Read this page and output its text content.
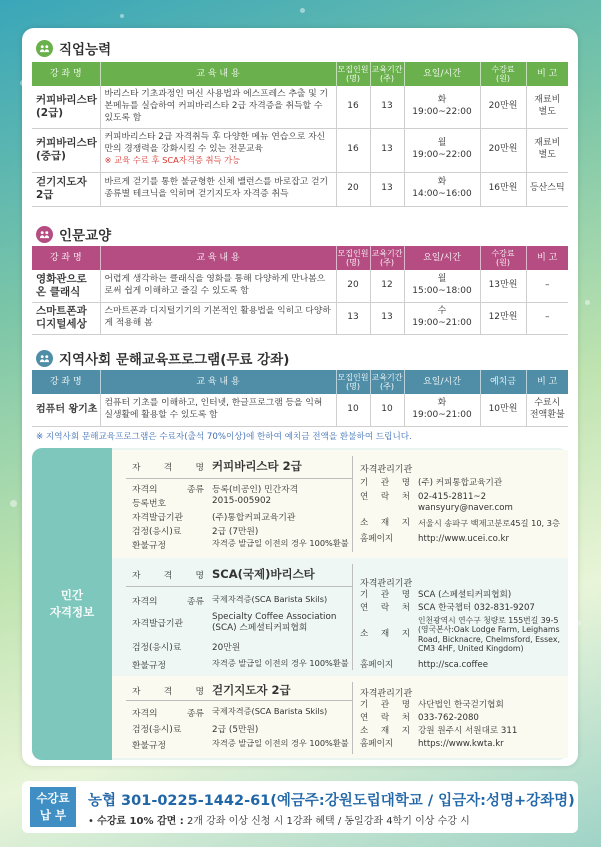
직업능력
강 좌 명	교 육 내 용	모집인원
(명)	교육기간
(주)	요일/시간	수강료
(원)	비 고
커피바리스타
(2급)	바리스타 기초과정인 머신 사용법과 에스프레스 추출 및 기본메뉴를 실습하여 커피바리스타 2급 자격증을 취득할 수 있도록 함	16	13	화
19:00~22:00	20만원	재료비
별도
커피바리스타
(중급)	커피바리스타 2급 자격취득 후 다양한 메뉴 연습으로 자신만의 경쟁력을 강화시킬 수 있는 전문교육
※ 교육 수료 후 SCA자격증 취득 가능	16	13	월
19:00~22:00	20만원	재료비
별도
걷기지도자
2급	바르게 걷기를 통한 불균형한 신체 밸런스를 바로잡고 걷기 종류별 테크닉을 익히며 걷기지도자 자격증 취득	20	13	화
14:00~16:00	16만원	등산스틱
인문교양
강 좌 명	교 육 내 용	모집인원
(명)	교육기간
(주)	요일/시간	수강료
(원)	비 고
영화관으로
온 클래식	어렵게 생각하는 클래식을 영화를 통해 다양하게 만나봄으로써 쉽게 이해하고 즐길 수 있도록 함	20	12	월
15:00~18:00	13만원	–
스마트폰과
디지털세상	스마트폰과 디지털기기의 기본적인 활용법을 익히고 다양하게 적용해 봄	13	13	수
19:00~21:00	12만원	–
지역사회 문해교육프로그램(무료 강좌)
강 좌 명	교 육 내 용	모집인원
(명)	교육기간
(주)	요일/시간	예치금	비 고
컴퓨터 왕기초	컴퓨터 기초를 이해하고, 인터넷, 한글프로그램 등을 익혀 실생활에 활용할 수 있도록 함	10	10	화
19:00~21:00	10만원	수료시
전액환불
※ 지역사회 문해교육프로그램은 수료자(출석 70%이상)에 한하여 예치금 전액을 환불하여 드립니다.
민간
자격정보
자 격 명 커피바리스타 2급
자격의 종류 등록(비공인) 민간자격
등록번호	2015-005902
자격발급기관	(주)통합커피교육기관
검정(응시)료	2급 (7만원)
환불규정	자격증 발급일 이전의 경우 100%환불
자격관리기관
기 관 명 (주) 커피통합교육기관
연 락 처 02-415-2811~2
wansyury@naver.com
소 재 지 서울시 송파구 백제고분로45길 10, 3층
홈페이지	http://www.ucei.co.kr
자 격 명 SCA(국제)바리스타
자격의 종류 국제자격증(SCA Barista Skils)
자격발급기관
Specialty Coffee Association
(SCA) 스페셜티커피협회
검정(응시)료	20만원
환불규정	자격증 발급일 이전의 경우 100%환불
자격관리기관
기 관 명 SCA (스페셜티커피협회)
연 락 처 SCA 한국챕터 032-831-9207
소 재 지
인천광역시 연수구 청량로 155번길 39-5
(영국본사:Oak Lodge Farm, Leighams Road, Bicknacre, Chelmsford, Essex, CM3 4HF, United Kingdom)
홈페이지	http://sca.coffee
자 격 명 걷기지도자 2급
자격의 종류 국제자격증(SCA Barista Skils)
검정(응시)료	2급 (5만원)
환불규정	자격증 발급일 이전의 경우 100%환불
자격관리기관
기 관 명 사단법인 한국걷기협회
연 락 처 033-762-2080
소 재 지 강원 원주시 서원대로 311
홈페이지	https://www.kwta.kr
수강료
납 부
농협 301-0225-1442-61(예금주:강원도립대학교 / 입금자:성명+강좌명)
• 수강료 10% 감면 : 2개 강좌 이상 신청 시 1강좌 혜택 / 동일강좌 4학기 이상 수강 시
